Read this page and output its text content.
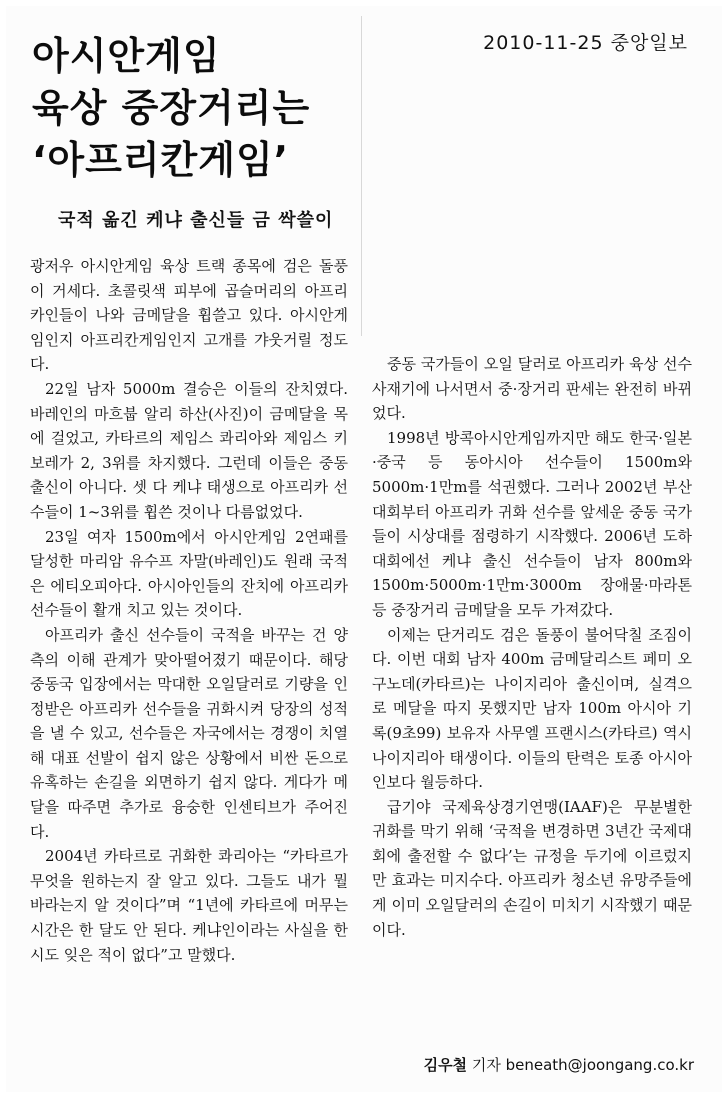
2010-11-25 중앙일보
아시안게임
육상 중장거리는
‘아프리칸게임’
국적 옮긴 케냐 출신들 금 싹쓸이

광저우 아시안게임 육상 트랙 종목에 검은 돌풍이 거세다. 초콜릿색 피부에 곱슬머리의 아프리카인들이 나와 금메달을 휩쓸고 있다. 아시안게임인지 아프리칸게임인지 고개를 갸웃거릴 정도다.

22일 남자 5000m 결승은 이들의 잔치였다. 바레인의 마흐붑 알리 하산(사진)이 금메달을 목에 걸었고, 카타르의 제임스 콰리아와 제임스 키보레가 2, 3위를 차지했다. 그런데 이들은 중동 출신이 아니다. 셋 다 케냐 태생으로 아프리카 선수들이 1~3위를 휩쓴 것이나 다름없었다.

23일 여자 1500m에서 아시안게임 2연패를 달성한 마리암 유수프 자말(바레인)도 원래 국적은 에티오피아다. 아시아인들의 잔치에 아프리카 선수들이 활개 치고 있는 것이다.

아프리카 출신 선수들이 국적을 바꾸는 건 양측의 이해 관계가 맞아떨어졌기 때문이다. 해당 중동국 입장에서는 막대한 오일달러로 기량을 인정받은 아프리카 선수들을 귀화시켜 당장의 성적을 낼 수 있고, 선수들은 자국에서는 경쟁이 치열해 대표 선발이 쉽지 않은 상황에서 비싼 돈으로 유혹하는 손길을 외면하기 쉽지 않다. 게다가 메달을 따주면 추가로 융숭한 인센티브가 주어진다.

2004년 카타르로 귀화한 콰리아는 “카타르가 무엇을 원하는지 잘 알고 있다. 그들도 내가 뭘 바라는지 알 것이다”며 “1년에 카타르에 머무는 시간은 한 달도 안 된다. 케냐인이라는 사실을 한시도 잊은 적이 없다”고 말했다.

중동 국가들이 오일 달러로 아프리카 육상 선수 사재기에 나서면서 중·장거리 판세는 완전히 바뀌었다.

1998년 방콕아시안게임까지만 해도 한국·일본·중국 등 동아시아 선수들이 1500m와 5000m·1만m를 석권했다. 그러나 2002년 부산 대회부터 아프리카 귀화 선수를 앞세운 중동 국가들이 시상대를 점령하기 시작했다. 2006년 도하 대회에선 케냐 출신 선수들이 남자 800m와 1500m·5000m·1만m·3000m 장애물·마라톤 등 중장거리 금메달을 모두 가져갔다.

이제는 단거리도 검은 돌풍이 불어닥칠 조짐이다. 이번 대회 남자 400m 금메달리스트 페미 오구노데(카타르)는 나이지리아 출신이며, 실격으로 메달을 따지 못했지만 남자 100m 아시아 기록(9초99) 보유자 사무엘 프랜시스(카타르) 역시 나이지리아 태생이다. 이들의 탄력은 토종 아시아인보다 월등하다.

급기야 국제육상경기연맹(IAAF)은 무분별한 귀화를 막기 위해 ‘국적을 변경하면 3년간 국제대회에 출전할 수 없다’는 규정을 두기에 이르렀지만 효과는 미지수다. 아프리카 청소년 유망주들에게 이미 오일달러의 손길이 미치기 시작했기 때문이다.

김우철 기자 beneath@joongang.co.kr
